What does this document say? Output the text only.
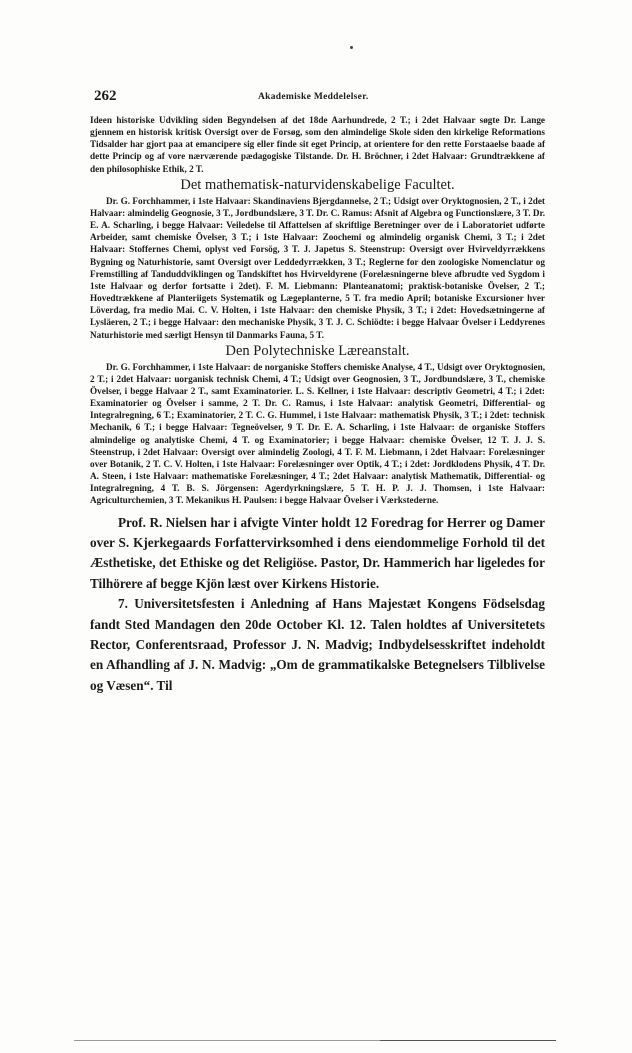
262	Akademiske Meddelelser.

Ideen historiske Udvikling siden Begyndelsen af det 18de Aarhundrede, 2 T.; i 2det Halvaar søgte Dr. Lange gjennem en historisk kritisk Oversigt over de Forsøg, som den almindelige Skole siden den kirkelige Reformations Tidsalder har gjort paa at emancipere sig eller finde sit eget Princip, at orientere for den rette Forstaaelse baade af dette Princip og af vore nærværende pædagogiske Tilstande. Dr. H. Bröchner, i 2det Halvaar: Grundtrækkene af den philosophiske Ethik, 2 T.

Det mathematisk-naturvidenskabelige Facultet.

Dr. G. Forchhammer, i 1ste Halvaar: Skandinaviens Bjergdannelse, 2 T.; Udsigt over Oryktognosien, 2 T., i 2det Halvaar: almindelig Geognosie, 3 T., Jordbundslære, 3 T. Dr. C. Ramus: Afsnit af Algebra og Functionslære, 3 T. Dr. E. A. Scharling, i begge Halvaar: Veiledelse til Affattelsen af skriftlige Beretninger over de i Laboratoriet udførte Arbeider, samt chemiske Övelser, 3 T.; i 1ste Halvaar: Zoochemi og almindelig organisk Chemi, 3 T.; i 2det Halvaar: Stoffernes Chemi, oplyst ved Forsög, 3 T. J. Japetus S. Steenstrup: Oversigt over Hvirveldyrrækkens Bygning og Naturhistorie, samt Oversigt over Leddedyrrækken, 3 T.; Reglerne for den zoologiske Nomenclatur og Fremstilling af Tanduddviklingen og Tandskiftet hos Hvirveldyrene (Forelæsningerne bleve afbrudte ved Sygdom i 1ste Halvaar og derfor fortsatte i 2det). F. M. Liebmann: Planteanatomi; praktisk-botaniske Övelser, 2 T.; Hovedtrækkene af Planteriigets Systematik og Lægeplanterne, 5 T. fra medio April; botaniske Excursioner hver Löverdag, fra medio Mai. C. V. Holten, i 1ste Halvaar: den chemiske Physik, 3 T.; i 2det: Hovedsætningerne af Lysläeren, 2 T.; i begge Halvaar: den mechaniske Physik, 3 T. J. C. Schiödte: i begge Halvaar Övelser i Leddyrenes Naturhistorie med særligt Hensyn til Danmarks Fauna, 5 T.

Den Polytechniske Læreanstalt.

Dr. G. Forchhammer, i 1ste Halvaar: de norganiske Stoffers chemiske Analyse, 4 T., Udsigt over Oryktognosien, 2 T.; i 2det Halvaar: uorganisk technisk Chemi, 4 T.; Udsigt over Geognosien, 3 T., Jordbundslære, 3 T., chemiske Övelser, i begge Halvaar 2 T., samt Examinatorier. L. S. Kellner, i 1ste Halvaar: descriptiv Geometri, 4 T.; i 2det: Examinatorier og Övelser i samme, 2 T. Dr. C. Ramus, i 1ste Halvaar: analytisk Geometri, Differential- og Integralregning, 6 T.; Examinatorier, 2 T. C. G. Hummel, i 1ste Halvaar: mathematisk Physik, 3 T.; i 2det: technisk Mechanik, 6 T.; i begge Halvaar: Tegneövelser, 9 T. Dr. E. A. Scharling, i 1ste Halvaar: de organiske Stoffers almindelige og analytiske Chemi, 4 T. og Examinatorier; i begge Halvaar: chemiske Övelser, 12 T. J. J. S. Steenstrup, i 2det Halvaar: Oversigt over almindelig Zoologi, 4 T. F. M. Liebmann, i 2det Halvaar: Forelæsninger over Botanik, 2 T. C. V. Holten, i 1ste Halvaar: Forelæsninger over Optik, 4 T.; i 2det: Jordklodens Physik, 4 T. Dr. A. Steen, i 1ste Halvaar: mathematiske Forelæsninger, 4 T.; 2det Halvaar: analytisk Mathematik, Differential- og Integralregning, 4 T. B. S. Jörgensen: Agerdyrkningslære, 5 T. H. P. J. J. Thomsen, i 1ste Halvaar: Agriculturchemien, 3 T. Mekanikus H. Paulsen: i begge Halvaar Övelser i Værkstederne.

Prof. R. Nielsen har i afvigte Vinter holdt 12 Foredrag for Herrer og Damer over S. Kjerkegaards Forfattervirksomhed i dens eiendommelige Forhold til det Æsthetiske, det Ethiske og det Religiöse. Pastor, Dr. Hammerich har ligeledes for Tilhörere af begge Kjön læst over Kirkens Historie.

7. Universitetsfesten i Anledning af Hans Majestæt Kongens Födselsdag fandt Sted Mandagen den 20de October Kl. 12. Talen holdtes af Universitetets Rector, Conferentsraad, Professor J. N. Madvig; Indbydelsesskriftet indeholdt en Afhandling af J. N. Madvig: „Om de grammatikalske Betegnelsers Tilblivelse og Væsen“. Til
